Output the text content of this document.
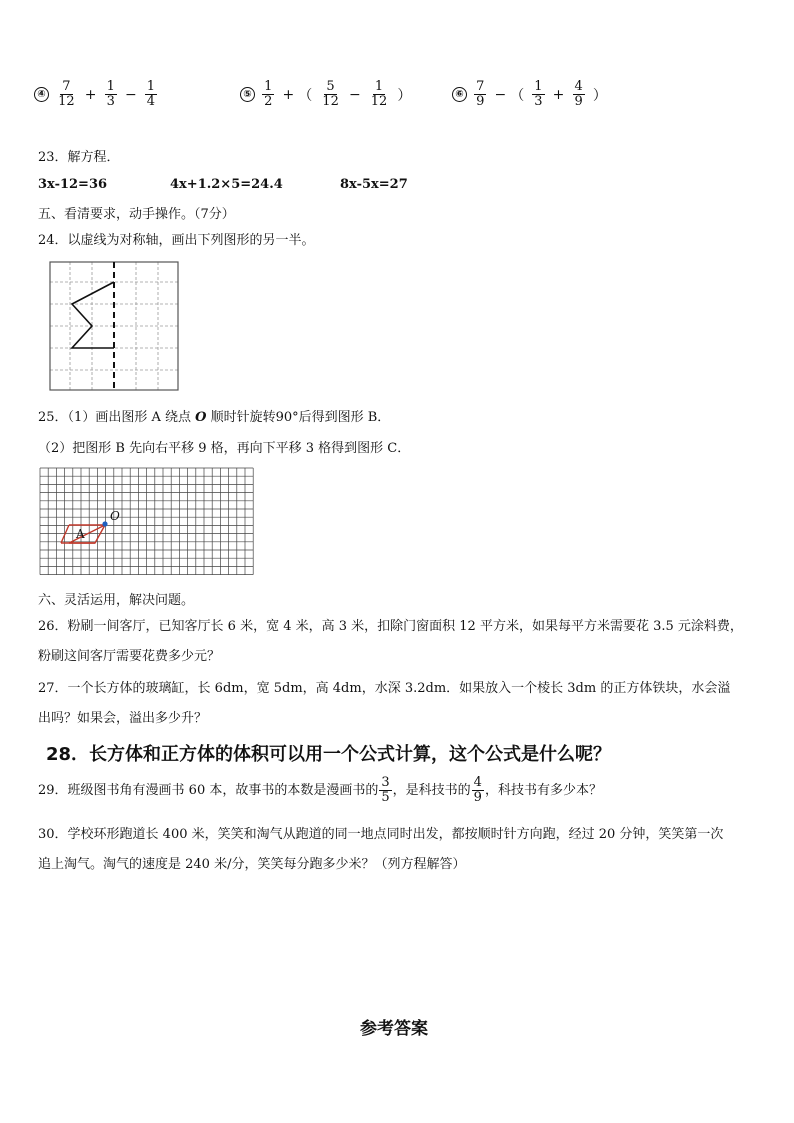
④ $\frac{7}{12} + \frac{1}{3} - \frac{1}{4}$	⑤ $\frac{1}{2}$ + （ $\frac{5}{12} - \frac{1}{12}$ ）	⑥ $\frac{7}{9}$ − （ $\frac{1}{3} + \frac{4}{9}$ ）
23．解方程．
3x-12=36	4x+1.2×5=24.4	8x-5x=27
五、看清要求，动手操作。（7分）
24．以虚线为对称轴，画出下列图形的另一半。
25．（1）画出图形 A 绕点 O 顺时针旋转90°后得到图形 B．
（2）把图形 B 先向右平移 9 格，再向下平移 3 格得到图形 C．
A
O
六、灵活运用，解决问题。
26．粉刷一间客厅，已知客厅长 6 米，宽 4 米，高 3 米，扣除门窗面积 12 平方米，如果每平方米需要花 3.5 元涂料费，
粉刷这间客厅需要花费多少元？
27．一个长方体的玻璃缸，长 6dm，宽 5dm，高 4dm，水深 3.2dm．如果放入一个棱长 3dm 的正方体铁块，水会溢
出吗？如果会，溢出多少升？
28．长方体和正方体的体积可以用一个公式计算，这个公式是什么呢？
29．班级图书角有漫画书 60 本，故事书的本数是漫画书的 $\frac{3}{5}$ ，是科技书的 $\frac{4}{9}$ ，科技书有多少本？
30．学校环形跑道长 400 米，笑笑和淘气从跑道的同一地点同时出发，都按顺时针方向跑，经过 20 分钟，笑笑第一次
追上淘气。淘气的速度是 240 米/分，笑笑每分跑多少米？（列方程解答）
参考答案
